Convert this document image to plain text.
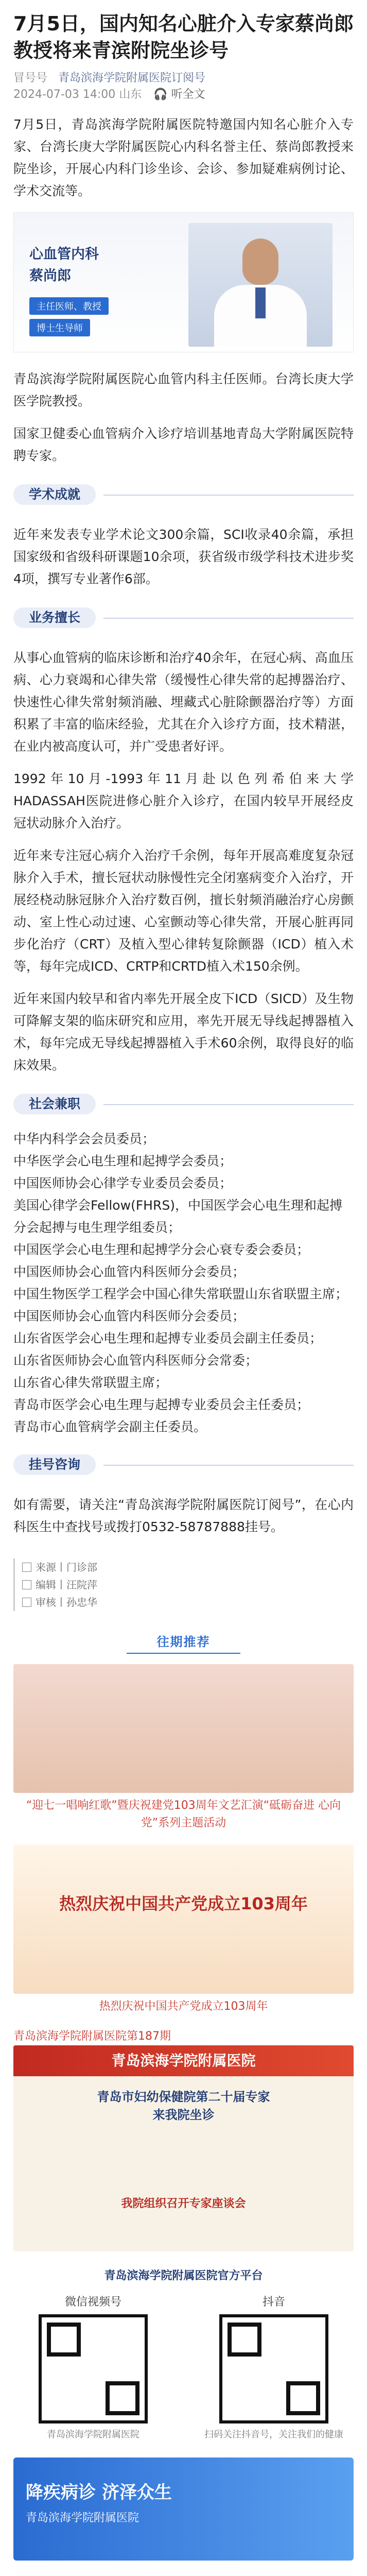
7月5日，国内知名心脏介入专家蔡尚郎教授将来青滨附院坐诊号
冒号号 青岛滨海学院附属医院订阅号
2024-07-03 14:00 山东 🎧 听全文

7月5日，青岛滨海学院附属医院特邀国内知名心脏介入专家、台湾长庚大学附属医院心内科名誉主任、蔡尚郎教授来院坐诊，开展心内科门诊坐诊、会诊、参加疑难病例讨论、学术交流等。

心血管内科
蔡尚郎
主任医师、教授
博士生导师

青岛滨海学院附属医院心血管内科主任医师。台湾长庚大学医学院教授。

国家卫健委心血管病介入诊疗培训基地青岛大学附属医院特聘专家。

学术成就

近年来发表专业学术论文300余篇，SCI收录40余篇，承担国家级和省级科研课题10余项，获省级市级学科技术进步奖4项，撰写专业著作6部。

业务擅长

从事心血管病的临床诊断和治疗40余年，在冠心病、高血压病、心力衰竭和心律失常（缓慢性心律失常的起搏器治疗、快速性心律失常射频消融、埋藏式心脏除颤器治疗等）方面积累了丰富的临床经验，尤其在介入诊疗方面，技术精湛，在业内被高度认可，并广受患者好评。

1992年10月-1993年11月赴以色列希伯来大学HADASSAH医院进修心脏介入诊疗，在国内较早开展经皮冠状动脉介入治疗。

近年来专注冠心病介入治疗千余例，每年开展高难度复杂冠脉介入手术，擅长冠状动脉慢性完全闭塞病变介入治疗，开展经桡动脉冠脉介入治疗数百例，擅长射频消融治疗心房颤动、室上性心动过速、心室颤动等心律失常，开展心脏再同步化治疗（CRT）及植入型心律转复除颤器（ICD）植入术等，每年完成ICD、CRTP和CRTD植入术150余例。

近年来国内较早和省内率先开展全皮下ICD（SICD）及生物可降解支架的临床研究和应用，率先开展无导线起搏器植入术，每年完成无导线起搏器植入手术60余例，取得良好的临床效果。

社会兼职
中华内科学会会员委员；
中华医学会心电生理和起搏学会委员；
中国医师协会心律学专业委员会委员；
美国心律学会Fellow(FHRS)，中国医学会心电生理和起搏分会起搏与电生理学组委员；
中国医学会心电生理和起搏学分会心衰专委会委员；
中国医师协会心血管内科医师分会委员；
中国生物医学工程学会中国心律失常联盟山东省联盟主席；
中国医师协会心血管内科医师分会委员；
山东省医学会心电生理和起搏专业委员会副主任委员；
山东省医师协会心血管内科医师分会常委；
山东省心律失常联盟主席；
青岛市医学会心电生理与起搏专业委员会主任委员；
青岛市心血管病学会副主任委员。
挂号咨询

如有需要，请关注“青岛滨海学院附属医院订阅号”，在心内科医生中查找号或拨打0532-58787888挂号。

来源丨门诊部
编辑丨汪院萍
审核丨孙忠华
往期推荐
“迎七一唱响红歌”暨庆祝建党103周年文艺汇演“砥砺奋进 心向党”系列主题活动
热烈庆祝中国共产党成立103周年
热烈庆祝中国共产党成立103周年
青岛滨海学院附属医院第187期
青岛滨海学院附属医院
青岛市妇幼保健院第二十届专家
来我院坐诊
我院组织召开专家座谈会
青岛滨海学院附属医院官方平台
微信视频号
青岛滨海学院附属医院
抖音
扫码关注抖音号，关注我们的健康
降疾病诊 济泽众生
青岛滨海学院附属医院
